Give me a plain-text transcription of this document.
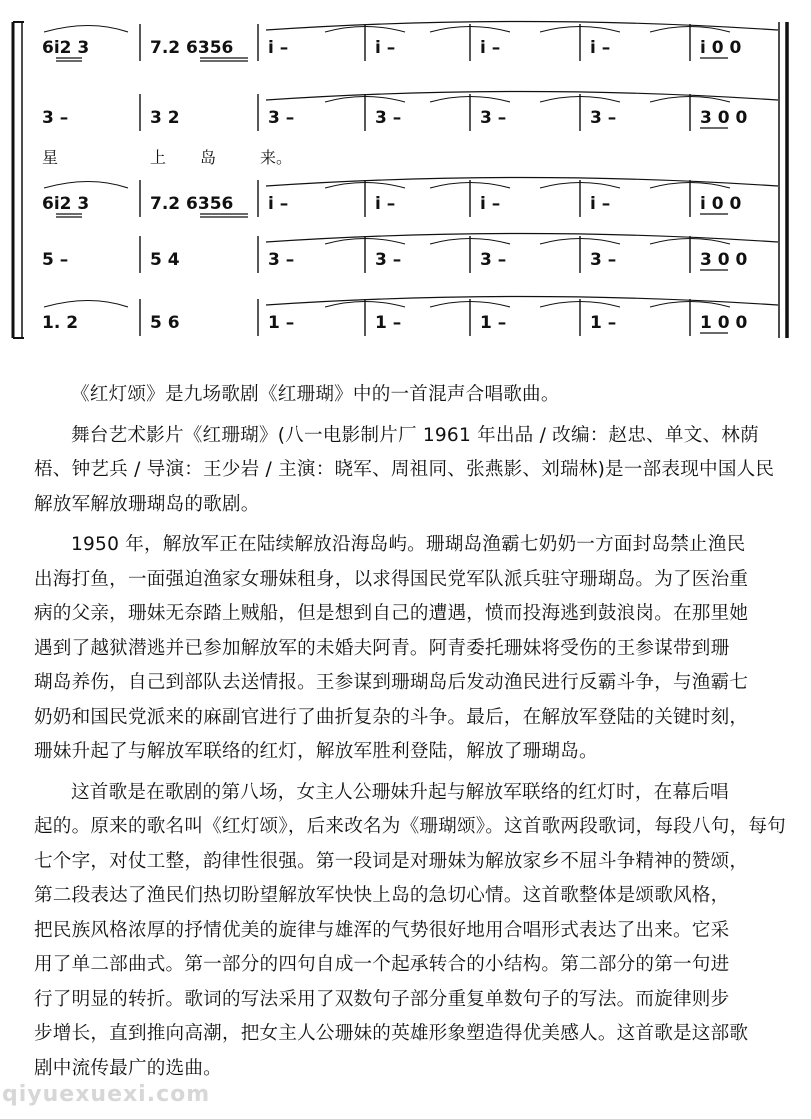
6i2 3	7.2 6356 i –	i –	i –	i –	i 0 0
3 –	3 2	3 –	3 –	3 –	3 –	3 0 0
星	上 岛	来。
6i2 3	7.2 6356 i –	i –	i –	i –	i 0 0
5 –	5 4	3 –	3 –	3 –	3 –	3 0 0
1. 2	5 6	1 –	1 –	1 –	1 –	1 0 0
《红灯颂》是九场歌剧《红珊瑚》中的一首混声合唱歌曲。
舞台艺术影片《红珊瑚》(八一电影制片厂 1961 年出品 / 改编：赵忠、单文、林荫
梧、钟艺兵 / 导演：王少岩 / 主演：晓军、周祖同、张燕影、刘瑞林)是一部表现中国人民
解放军解放珊瑚岛的歌剧。
1950 年，解放军正在陆续解放沿海岛屿。珊瑚岛渔霸七奶奶一方面封岛禁止渔民
出海打鱼，一面强迫渔家女珊妹租身，以求得国民党军队派兵驻守珊瑚岛。为了医治重
病的父亲，珊妹无奈踏上贼船，但是想到自己的遭遇，愤而投海逃到鼓浪岗。在那里她
遇到了越狱潜逃并已参加解放军的未婚夫阿青。阿青委托珊妹将受伤的王参谋带到珊
瑚岛养伤，自己到部队去送情报。王参谋到珊瑚岛后发动渔民进行反霸斗争，与渔霸七
奶奶和国民党派来的麻副官进行了曲折复杂的斗争。最后，在解放军登陆的关键时刻，
珊妹升起了与解放军联络的红灯，解放军胜利登陆，解放了珊瑚岛。
这首歌是在歌剧的第八场，女主人公珊妹升起与解放军联络的红灯时，在幕后唱
起的。原来的歌名叫《红灯颂》，后来改名为《珊瑚颂》。这首歌两段歌词，每段八句，每句
七个字，对仗工整，韵律性很强。第一段词是对珊妹为解放家乡不屈斗争精神的赞颂，
第二段表达了渔民们热切盼望解放军快快上岛的急切心情。这首歌整体是颂歌风格，
把民族风格浓厚的抒情优美的旋律与雄浑的气势很好地用合唱形式表达了出来。它采
用了单二部曲式。第一部分的四句自成一个起承转合的小结构。第二部分的第一句进
行了明显的转折。歌词的写法采用了双数句子部分重复单数句子的写法。而旋律则步
步增长，直到推向高潮，把女主人公珊妹的英雄形象塑造得优美感人。这首歌是这部歌
剧中流传最广的选曲。
qiyuexuexi.com
